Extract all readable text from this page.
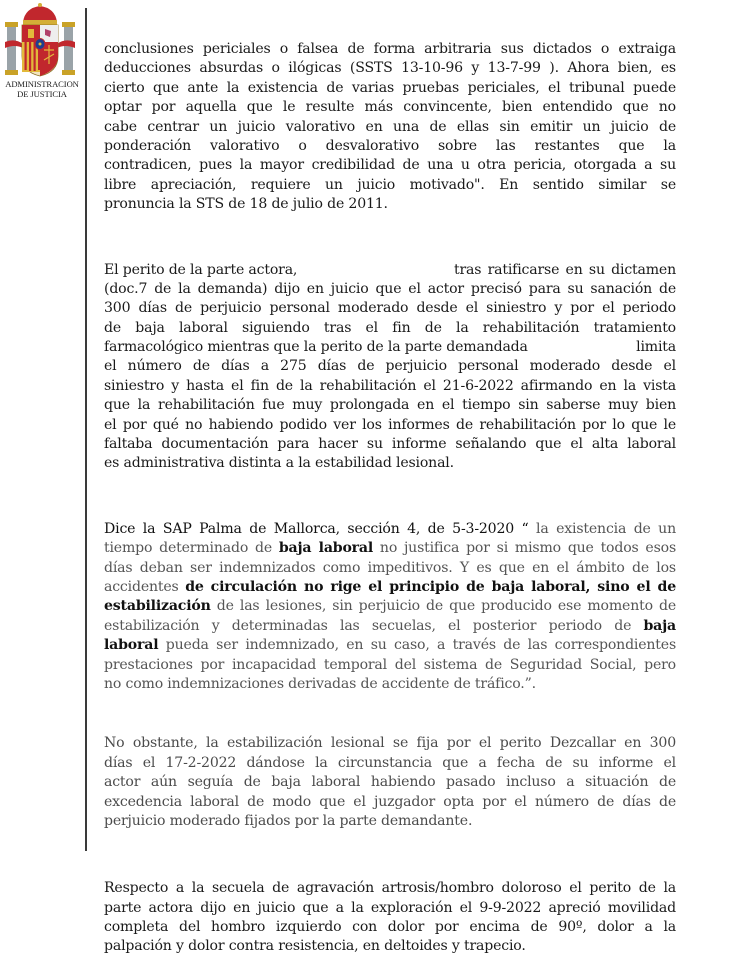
ADMINISTRACION
DE JUSTICIA
conclusiones periciales o falsea de forma arbitraria sus dictados o extraiga
deducciones absurdas o ilógicas (SSTS 13-10-96 y 13-7-99 ). Ahora bien, es
cierto que ante la existencia de varias pruebas periciales, el tribunal puede
optar por aquella que le resulte más convincente, bien entendido que no
cabe centrar un juicio valorativo en una de ellas sin emitir un juicio de
ponderación valorativo o desvalorativo sobre las restantes que la
contradicen, pues la mayor credibilidad de una u otra pericia, otorgada a su
libre apreciación, requiere un juicio motivado". En sentido similar se
pronuncia la STS de 18 de julio de 2011.
El perito de la parte actora,	tras ratificarse en su dictamen
(doc.7 de la demanda) dijo en juicio que el actor precisó para su sanación de
300 días de perjuicio personal moderado desde el siniestro y por el periodo
de baja laboral siguiendo tras el fin de la rehabilitación tratamiento
farmacológico mientras que la perito de la parte demandada	limita
el número de días a 275 días de perjuicio personal moderado desde el
siniestro y hasta el fin de la rehabilitación el 21-6-2022 afirmando en la vista
que la rehabilitación fue muy prolongada en el tiempo sin saberse muy bien
el por qué no habiendo podido ver los informes de rehabilitación por lo que le
faltaba documentación para hacer su informe señalando que el alta laboral
es administrativa distinta a la estabilidad lesional.
Dice la SAP Palma de Mallorca, sección 4, de 5-3-2020 “ la existencia de un
tiempo determinado de baja laboral no justifica por si mismo que todos esos
días deban ser indemnizados como impeditivos. Y es que en el ámbito de los
accidentes de circulación no rige el principio de baja laboral, sino el de
estabilización de las lesiones, sin perjuicio de que producido ese momento de
estabilización y determinadas las secuelas, el posterior periodo de baja
laboral pueda ser indemnizado, en su caso, a través de las correspondientes
prestaciones por incapacidad temporal del sistema de Seguridad Social, pero
no como indemnizaciones derivadas de accidente de tráfico.”.
No obstante, la estabilización lesional se fija por el perito Dezcallar en 300
días el 17-2-2022 dándose la circunstancia que a fecha de su informe el
actor aún seguía de baja laboral habiendo pasado incluso a situación de
excedencia laboral de modo que el juzgador opta por el número de días de
perjuicio moderado fijados por la parte demandante.
Respecto a la secuela de agravación artrosis/hombro doloroso el perito de la
parte actora dijo en juicio que a la exploración el 9-9-2022 apreció movilidad
completa del hombro izquierdo con dolor por encima de 90º, dolor a la
palpación y dolor contra resistencia, en deltoides y trapecio.
